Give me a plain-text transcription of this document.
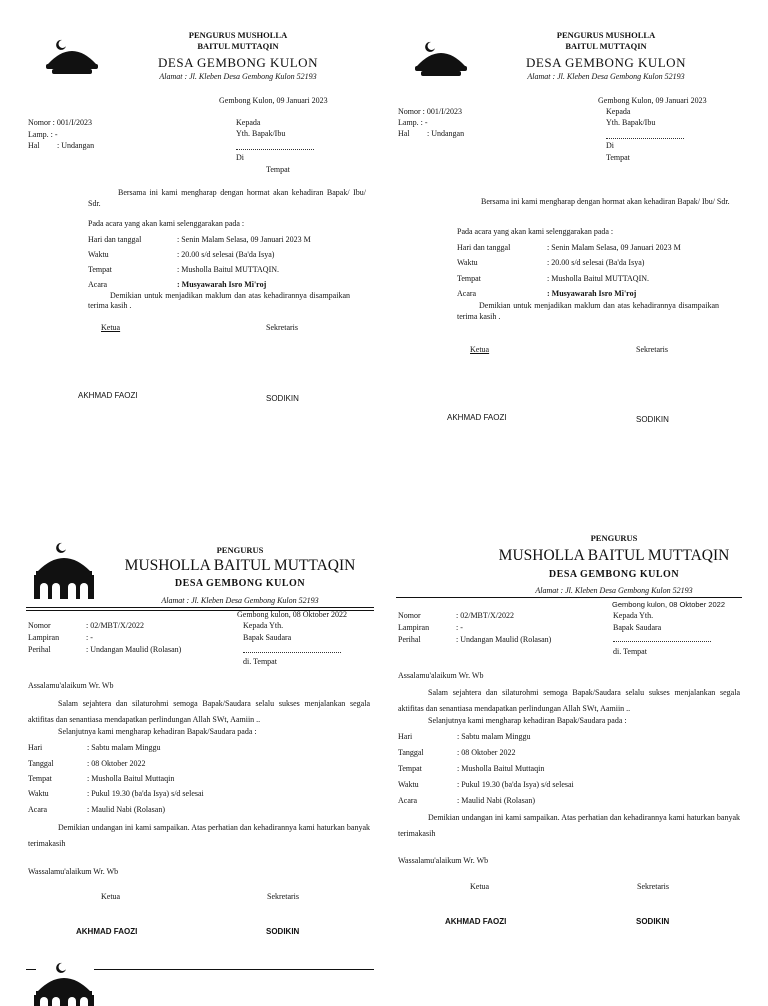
PENGURUS MUSHOLLA
BAITUL MUTTAQIN
DESA GEMBONG KULON
Alamat : Jl. Kleben Desa Gembong Kulon 52193
Gembong Kulon, 09 Januari 2023
Nomor : 001/I/2023
Lamp. : -
Hal : Undangan
Kepada
Yth. Bapak/Ibu
Di
Tempat
Bersama ini kami mengharap dengan hormat akan kehadiran Bapak/ Ibu/ Sdr.
Pada acara yang akan kami selenggarakan pada :
Hari dan tanggal	: Senin Malam Selasa, 09 Januari 2023 M
Waktu	: 20.00 s/d selesai (Ba'da Isya)
Tempat	: Musholla Baitul MUTTAQIN.
Acara	: Musyawarah Isro Mi'roj
Demikian untuk menjadikan maklum dan atas kehadirannya disampaikan terima kasih .
Ketua	Sekretaris
AKHMAD FAOZI	SODIKIN
PENGURUS MUSHOLLA
BAITUL MUTTAQIN
DESA GEMBONG KULON
Alamat : Jl. Kleben Desa Gembong Kulon 52193
Gembong Kulon, 09 Januari 2023
Nomor : 001/I/2023
Lamp. : -
Hal : Undangan
Kepada
Yth. Bapak/Ibu
Di
Tempat
Bersama ini kami mengharap dengan hormat akan kehadiran Bapak/ Ibu/ Sdr.
Pada acara yang akan kami selenggarakan pada :
Hari dan tanggal	: Senin Malam Selasa, 09 Januari 2023 M
Waktu	: 20.00 s/d selesai (Ba'da Isya)
Tempat	: Musholla Baitul MUTTAQIN.
Acara	: Musyawarah Isro Mi'roj
Demikian untuk menjadikan maklum dan atas kehadirannya disampaikan terima kasih .
Ketua	Sekretaris
AKHMAD FAOZI	SODIKIN
PENGURUS
MUSHOLLA BAITUL MUTTAQIN
DESA GEMBONG KULON
Alamat : Jl. Kleben Desa Gembong Kulon 52193
Gembong kulon, 08 Oktober 2022
Nomor	: 02/MBT/X/2022
Lampiran	: -
Perihal	: Undangan Maulid (Rolasan)
Kepada Yth.
Bapak Saudara
di. Tempat
Assalamu'alaikum Wr. Wb
Salam sejahtera dan silaturohmi semoga Bapak/Saudara selalu sukses menjalankan segala aktifitas dan senantiasa mendapatkan perlindungan Allah SWt, Aamiin ..
Selanjutnya kami mengharap kehadiran Bapak/Saudara pada :
Hari	: Sabtu malam Minggu
Tanggal	: 08 Oktober 2022
Tempat	: Musholla Baitul Muttaqin
Waktu	: Pukul 19.30 (ba'da Isya) s/d selesai
Acara	: Maulid Nabi (Rolasan)
Demikian undangan ini kami sampaikan. Atas perhatian dan kehadirannya kami haturkan banyak terimakasih
Wassalamu'alaikum Wr. Wb
Ketua	Sekretaris
AKHMAD FAOZI	SODIKIN
PENGURUS
MUSHOLLA BAITUL MUTTAQIN
DESA GEMBONG KULON
Alamat : Jl. Kleben Desa Gembong Kulon 52193
Gembong kulon, 08 Oktober 2022
Nomor	: 02/MBT/X/2022
Lampiran	: -
Perihal	: Undangan Maulid (Rolasan)
Kepada Yth.
Bapak Saudara
di. Tempat
Assalamu'alaikum Wr. Wb
Salam sejahtera dan silaturohmi semoga Bapak/Saudara selalu sukses menjalankan segala aktifitas dan senantiasa mendapatkan perlindungan Allah SWt, Aamiin ..
Selanjutnya kami mengharap kehadiran Bapak/Saudara pada :
Hari	: Sabtu malam Minggu
Tanggal	: 08 Oktober 2022
Tempat	: Musholla Baitul Muttaqin
Waktu	: Pukul 19.30 (ba'da Isya) s/d selesai
Acara	: Maulid Nabi (Rolasan)
Demikian undangan ini kami sampaikan. Atas perhatian dan kehadirannya kami haturkan banyak terimakasih
Wassalamu'alaikum Wr. Wb
Ketua	Sekretaris
AKHMAD FAOZI	SODIKIN
